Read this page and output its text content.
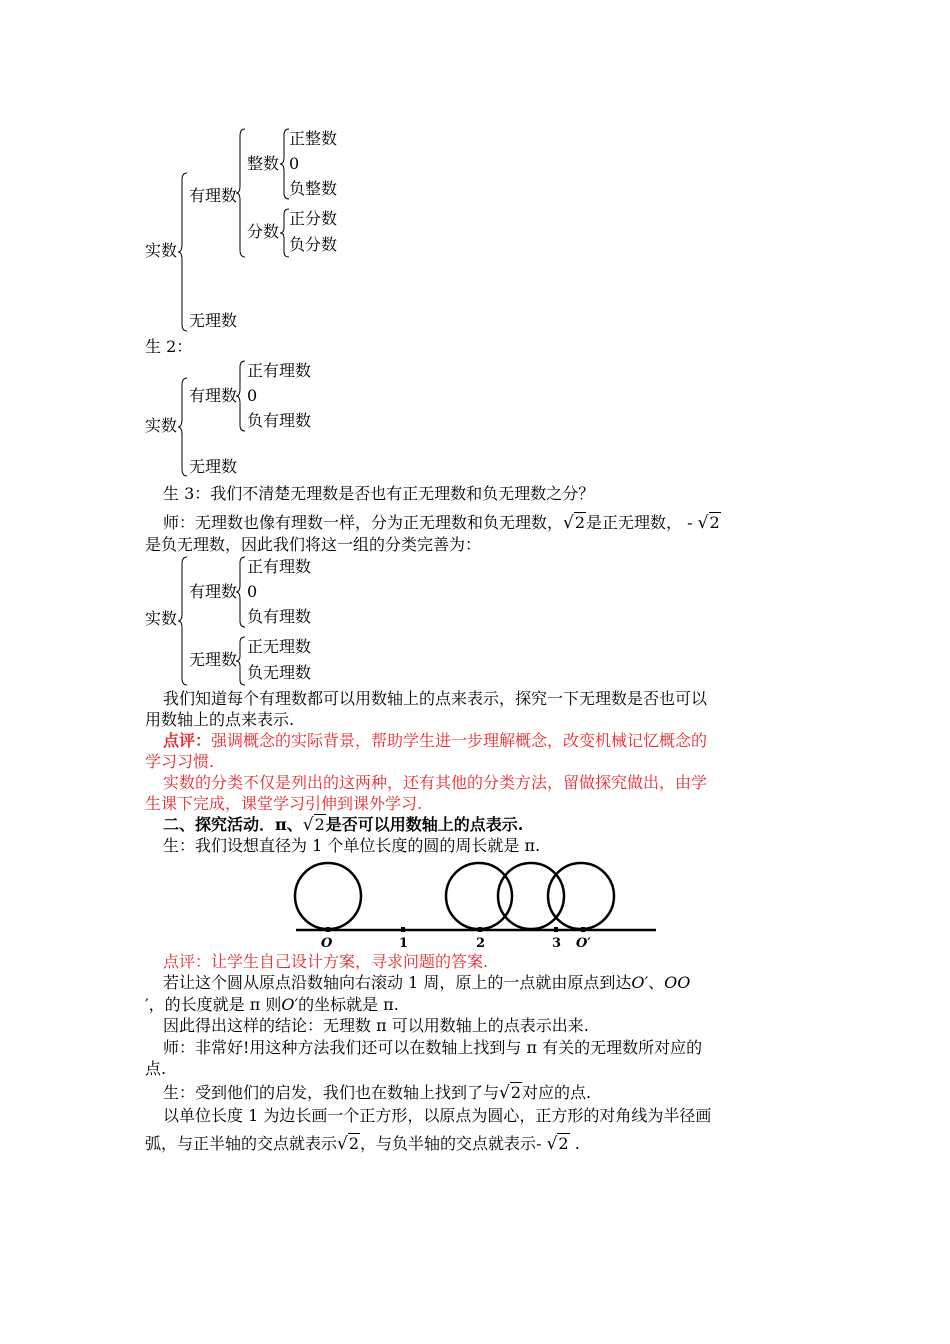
实数
有理数
整数
正整数
0
负整数
分数
正分数
负分数
无理数
生 2：
实数
有理数
正有理数
0
负有理数
无理数
生 3：我们不清楚无理数是否也有正无理数和负无理数之分？
师：无理数也像有理数一样，分为正无理数和负无理数，√2是正无理数， - √2
是负无理数，因此我们将这一组的分类完善为：
实数
有理数
正有理数
0
负有理数
无理数
正无理数
负无理数
我们知道每个有理数都可以用数轴上的点来表示，探究一下无理数是否也可以
用数轴上的点来表示.
点评：强调概念的实际背景，帮助学生进一步理解概念，改变机械记忆概念的
学习习惯.
实数的分类不仅是列出的这两种，还有其他的分类方法，留做探究做出，由学
生课下完成，课堂学习引伸到课外学习.
二、探究活动．π、√2是否可以用数轴上的点表示.
生：我们设想直径为 1 个单位长度的圆的周长就是 π.
O	1	2	3 O′
点评：让学生自己设计方案，寻求问题的答案.
若让这个圆从原点沿数轴向右滚动 1 周，原上的一点就由原点到达O′、OO
′，的长度就是 π 则O′的坐标就是 π.
因此得出这样的结论：无理数 π 可以用数轴上的点表示出来.
师：非常好!用这种方法我们还可以在数轴上找到与 π 有关的无理数所对应的
点.
生：受到他们的启发，我们也在数轴上找到了与√2对应的点.
以单位长度 1 为边长画一个正方形，以原点为圆心，正方形的对角线为半径画
弧，与正半轴的交点就表示√2，与负半轴的交点就表示- √2 .
